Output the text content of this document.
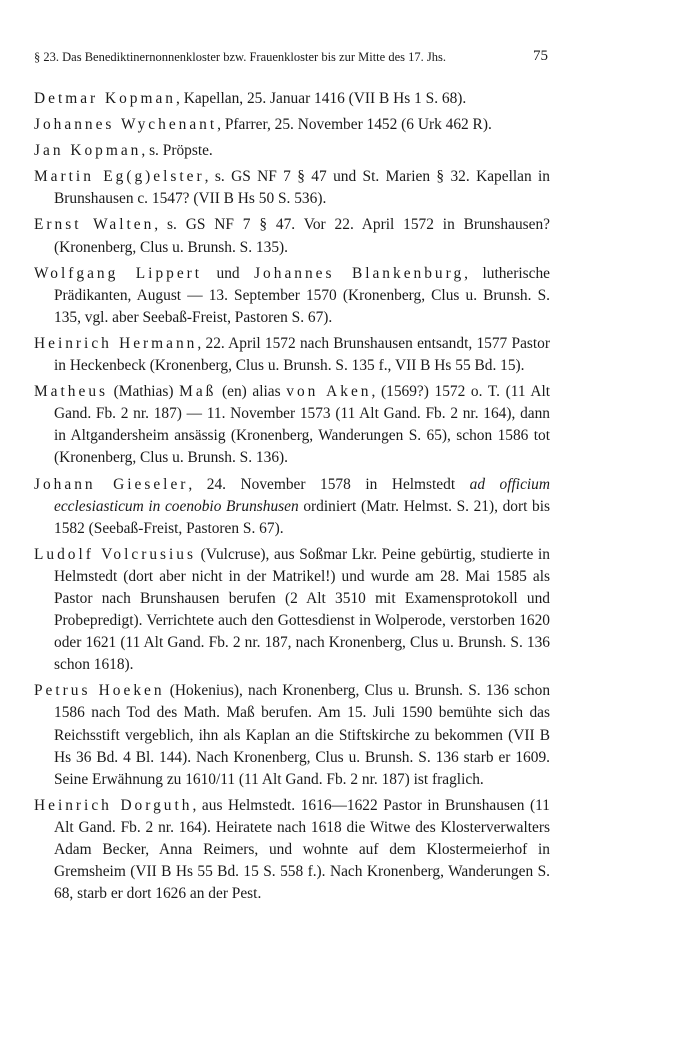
§ 23. Das Benediktinernonnenkloster bzw. Frauenkloster bis zur Mitte des 17. Jhs.	75

Detmar Kopman, Kapellan, 25. Januar 1416 (VII B Hs 1 S. 68).

Johannes Wychenant, Pfarrer, 25. November 1452 (6 Urk 462 R).

Jan Kopman, s. Pröpste.

Martin Eg(g)elster, s. GS NF 7 § 47 und St. Marien § 32. Kapellan in Brunshausen c. 1547? (VII B Hs 50 S. 536).

Ernst Walten, s. GS NF 7 § 47. Vor 22. April 1572 in Brunshausen? (Kronenberg, Clus u. Brunsh. S. 135).

Wolfgang Lippert und Johannes Blankenburg, lutherische Prädikanten, August — 13. September 1570 (Kronenberg, Clus u. Brunsh. S. 135, vgl. aber Seebaß-Freist, Pastoren S. 67).

Heinrich Hermann, 22. April 1572 nach Brunshausen entsandt, 1577 Pastor in Heckenbeck (Kronenberg, Clus u. Brunsh. S. 135 f., VII B Hs 55 Bd. 15).

Matheus (Mathias) Maß (en) alias von Aken, (1569?) 1572 o. T. (11 Alt Gand. Fb. 2 nr. 187) — 11. November 1573 (11 Alt Gand. Fb. 2 nr. 164), dann in Altgandersheim ansässig (Kronenberg, Wanderungen S. 65), schon 1586 tot (Kronenberg, Clus u. Brunsh. S. 136).

Johann Gieseler, 24. November 1578 in Helmstedt ad officium ecclesiasticum in coenobio Brunshusen ordiniert (Matr. Helmst. S. 21), dort bis 1582 (Seebaß-Freist, Pastoren S. 67).

Ludolf Volcrusius (Vulcruse), aus Soßmar Lkr. Peine gebürtig, studierte in Helmstedt (dort aber nicht in der Matrikel!) und wurde am 28. Mai 1585 als Pastor nach Brunshausen berufen (2 Alt 3510 mit Examensprotokoll und Probepredigt). Verrichtete auch den Gottesdienst in Wolperode, verstorben 1620 oder 1621 (11 Alt Gand. Fb. 2 nr. 187, nach Kronenberg, Clus u. Brunsh. S. 136 schon 1618).

Petrus Hoeken (Hokenius), nach Kronenberg, Clus u. Brunsh. S. 136 schon 1586 nach Tod des Math. Maß berufen. Am 15. Juli 1590 bemühte sich das Reichsstift vergeblich, ihn als Kaplan an die Stiftskirche zu bekommen (VII B Hs 36 Bd. 4 Bl. 144). Nach Kronenberg, Clus u. Brunsh. S. 136 starb er 1609. Seine Erwähnung zu 1610/11 (11 Alt Gand. Fb. 2 nr. 187) ist fraglich.

Heinrich Dorguth, aus Helmstedt. 1616—1622 Pastor in Brunshausen (11 Alt Gand. Fb. 2 nr. 164). Heiratete nach 1618 die Witwe des Klosterverwalters Adam Becker, Anna Reimers, und wohnte auf dem Klostermeierhof in Gremsheim (VII B Hs 55 Bd. 15 S. 558 f.). Nach Kronenberg, Wanderungen S. 68, starb er dort 1626 an der Pest.
